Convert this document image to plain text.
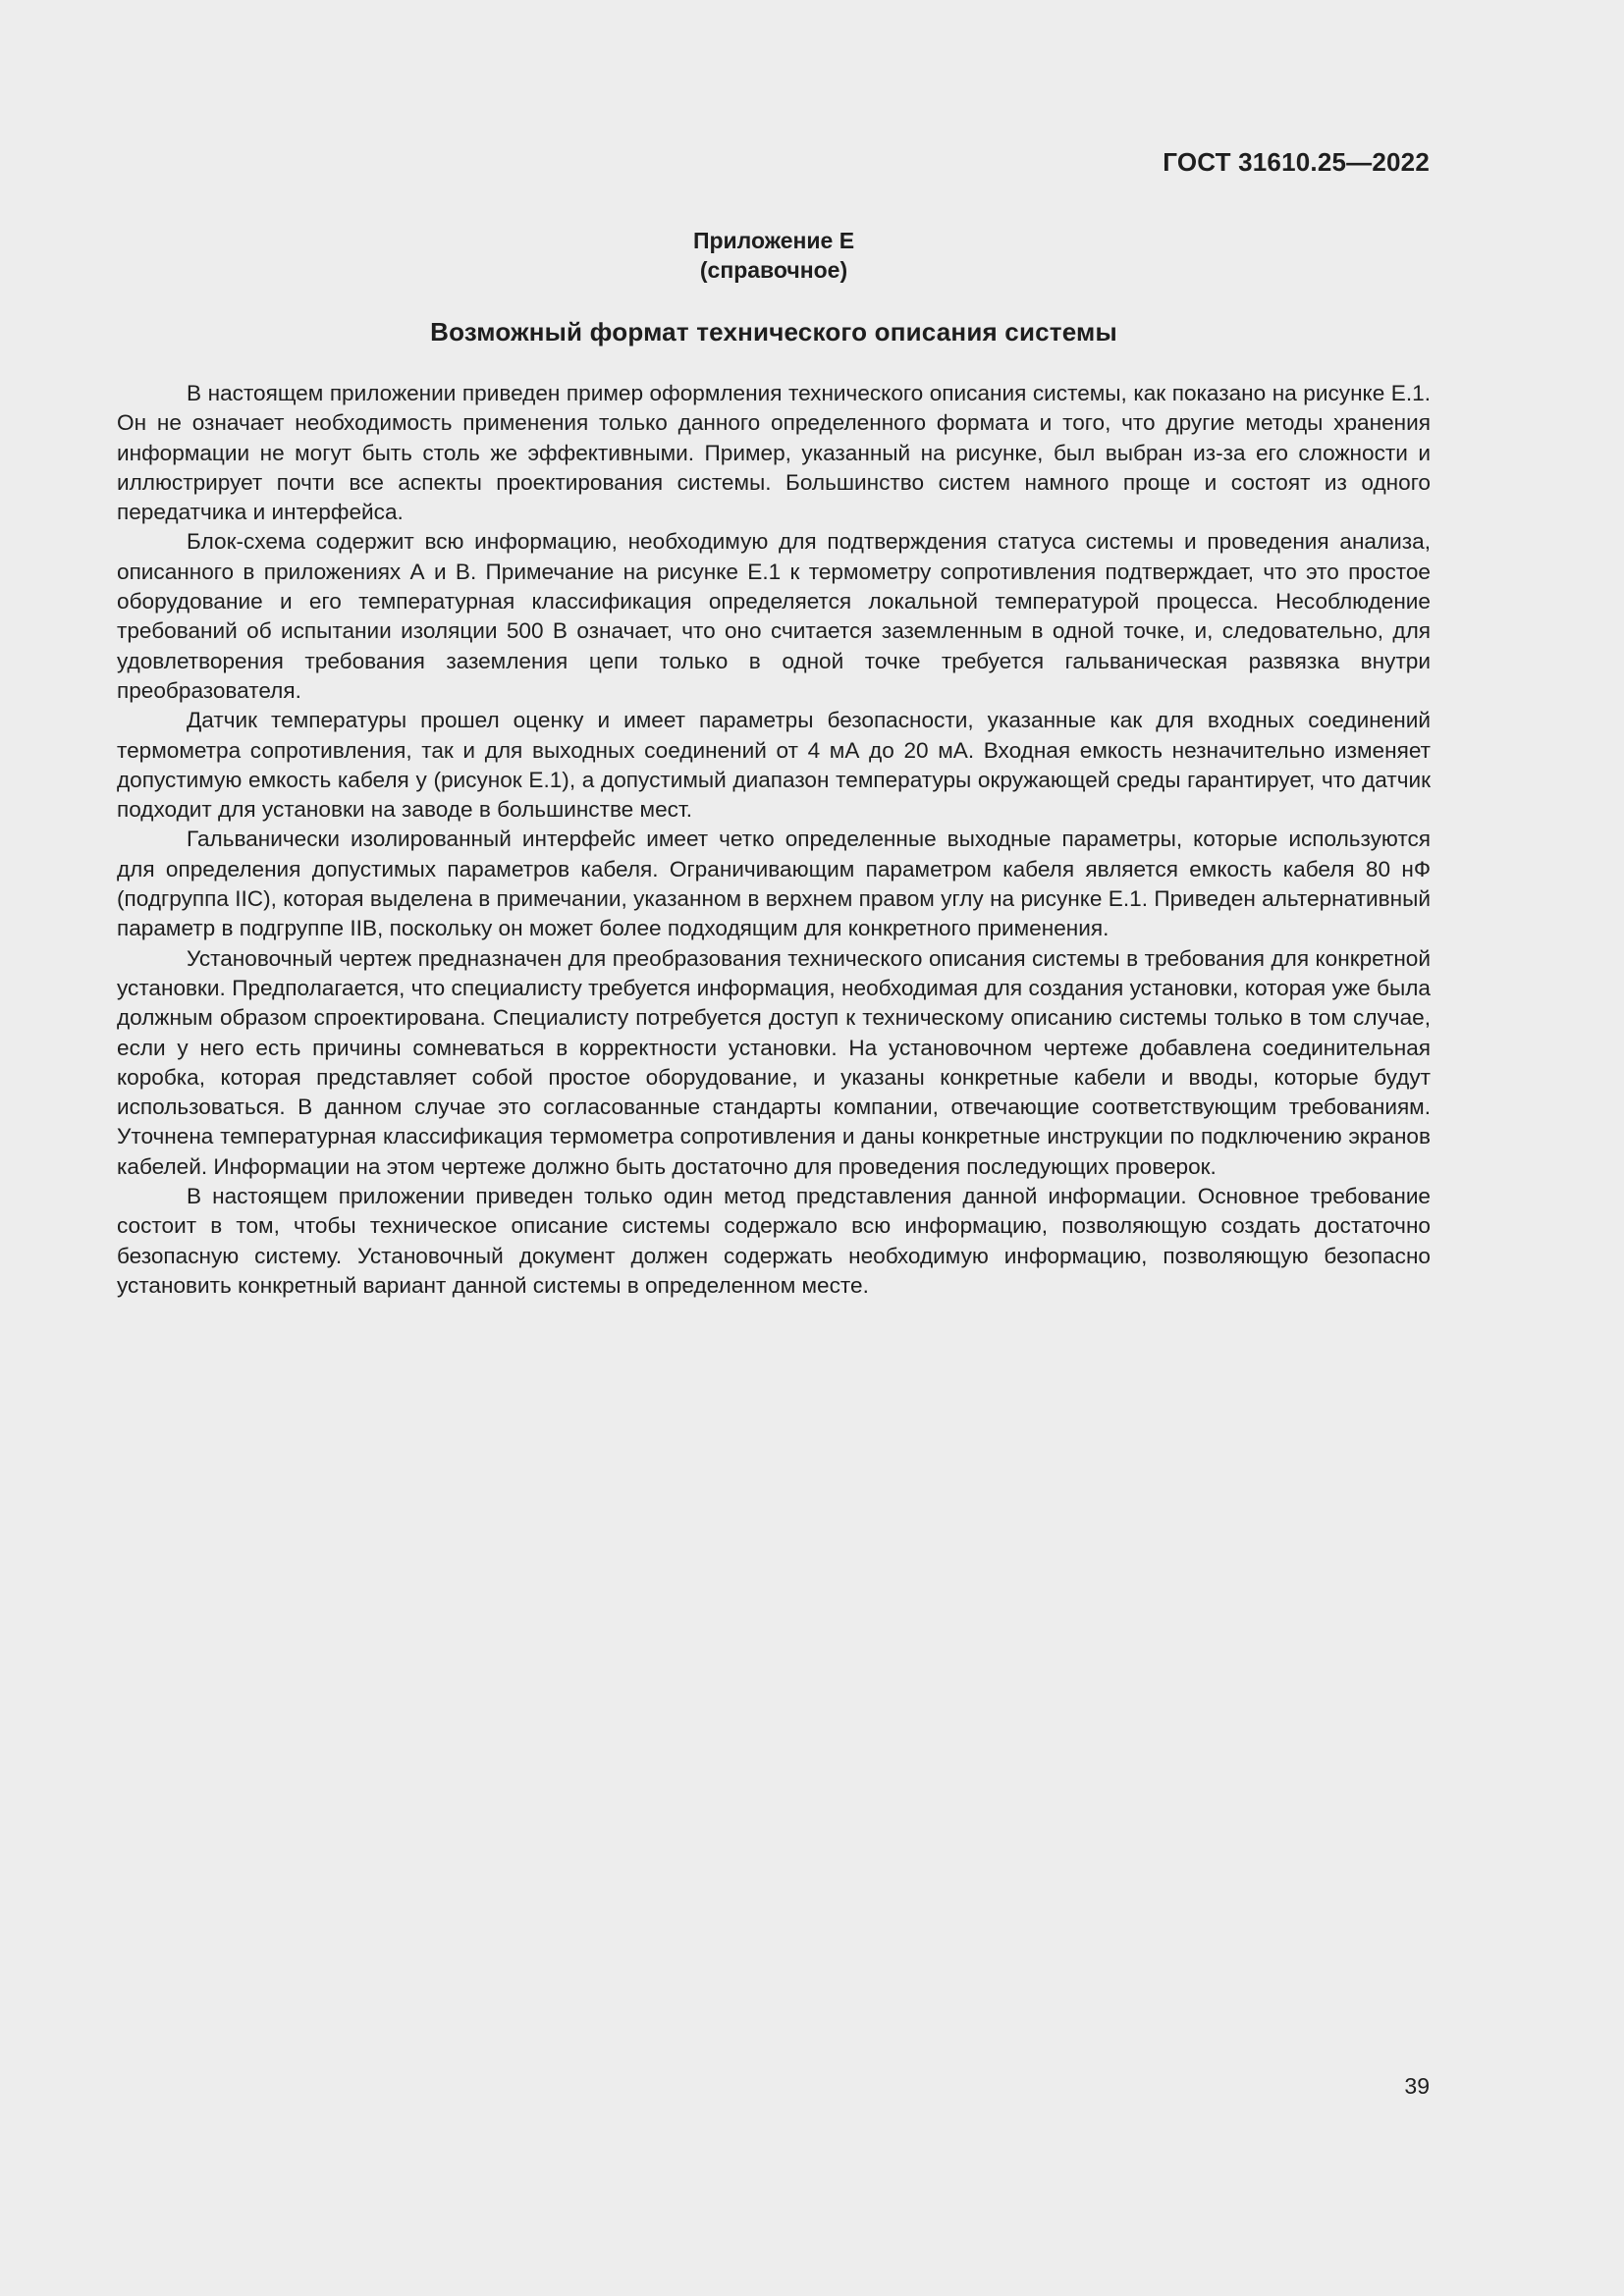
ГОСТ 31610.25—2022

Приложение Е
(справочное)
Возможный формат технического описания системы

В настоящем приложении приведен пример оформления технического описания системы, как показано на рисунке Е.1. Он не означает необходимость применения только данного определенного формата и того, что другие методы хранения информации не могут быть столь же эффективными. Пример, указанный на рисунке, был выбран из-за его сложности и иллюстрирует почти все аспекты проектирования системы. Большинство систем намного проще и состоят из одного передатчика и интерфейса.

Блок-схема содержит всю информацию, необходимую для подтверждения статуса системы и проведения анализа, описанного в приложениях А и В. Примечание на рисунке Е.1 к термометру сопротивления подтверждает, что это простое оборудование и его температурная классификация определяется локальной температурой процесса. Несоблюдение требований об испытании изоляции 500 В означает, что оно считается заземленным в одной точке, и, следовательно, для удовлетворения требования заземления цепи только в одной точке требуется гальваническая развязка внутри преобразователя.

Датчик температуры прошел оценку и имеет параметры безопасности, указанные как для входных соединений термометра сопротивления, так и для выходных соединений от 4 мА до 20 мА. Входная емкость незначительно изменяет допустимую емкость кабеля у (рисунок Е.1), а допустимый диапазон температуры окружающей среды гарантирует, что датчик подходит для установки на заводе в большинстве мест.

Гальванически изолированный интерфейс имеет четко определенные выходные параметры, которые используются для определения допустимых параметров кабеля. Ограничивающим параметром кабеля является емкость кабеля 80 нФ (подгруппа IIC), которая выделена в примечании, указанном в верхнем правом углу на рисунке Е.1. Приведен альтернативный параметр в подгруппе IIB, поскольку он может более подходящим для конкретного применения.

Установочный чертеж предназначен для преобразования технического описания системы в требования для конкретной установки. Предполагается, что специалисту требуется информация, необходимая для создания установки, которая уже была должным образом спроектирована. Специалисту потребуется доступ к техническому описанию системы только в том случае, если у него есть причины сомневаться в корректности установки. На установочном чертеже добавлена соединительная коробка, которая представляет собой простое оборудование, и указаны конкретные кабели и вводы, которые будут использоваться. В данном случае это согласованные стандарты компании, отвечающие соответствующим требованиям. Уточнена температурная классификация термометра сопротивления и даны конкретные инструкции по подключению экранов кабелей. Информации на этом чертеже должно быть достаточно для проведения последующих проверок.

В настоящем приложении приведен только один метод представления данной информации. Основное требование состоит в том, чтобы техническое описание системы содержало всю информацию, позволяющую создать достаточно безопасную систему. Установочный документ должен содержать необходимую информацию, позволяющую безопасно установить конкретный вариант данной системы в определенном месте.

39
